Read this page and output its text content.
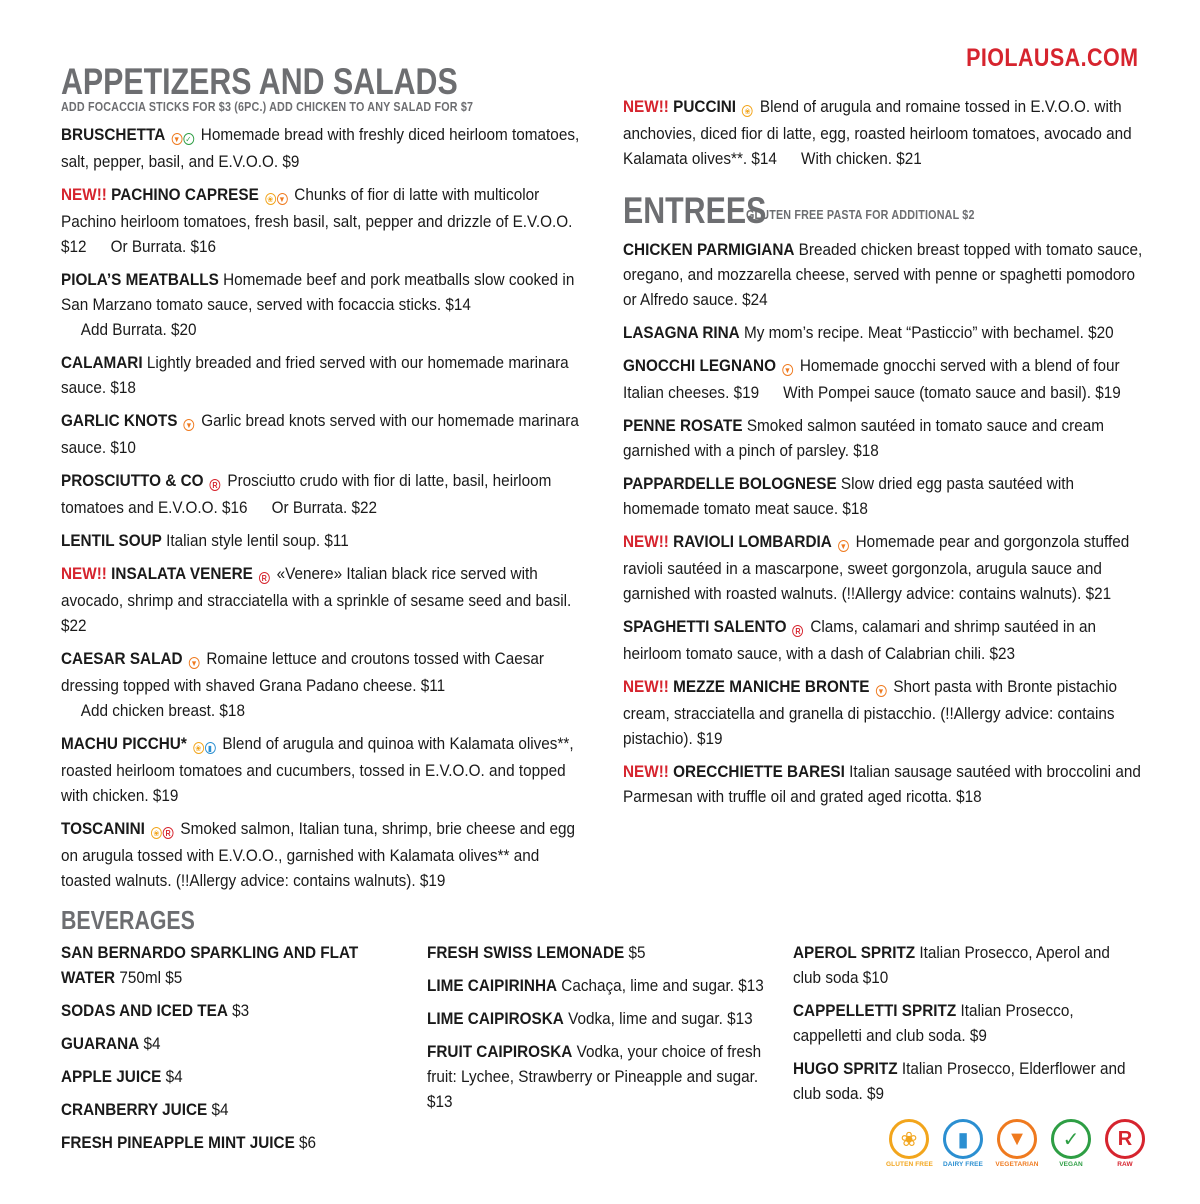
PIOLAUSA.COM
APPETIZERS AND SALADS
ADD FOCACCIA STICKS FOR $3 (6PC.) ADD CHICKEN TO ANY SALAD FOR $7
BRUSCHETTA ▼ ✓ Homemade bread with freshly diced heirloom tomatoes, salt, pepper, basil, and E.V.O.O. $9
NEW!! PACHINO CAPRESE ❀ ▼ Chunks of fior di latte with multicolor Pachino heirloom tomatoes, fresh basil, salt, pepper and drizzle of E.V.O.O. $12 Or Burrata. $16
PIOLA’S MEATBALLS Homemade beef and pork meatballs slow cooked in San Marzano tomato sauce, served with focaccia sticks. $14 Add Burrata. $20
CALAMARI Lightly breaded and fried served with our homemade marinara sauce. $18
GARLIC KNOTS ▼ Garlic bread knots served with our homemade marinara sauce. $10
PROSCIUTTO & CO R Prosciutto crudo with fior di latte, basil, heirloom tomatoes and E.V.O.O. $16 Or Burrata. $22
LENTIL SOUP Italian style lentil soup. $11
NEW!! INSALATA VENERE R «Venere» Italian black rice served with avocado, shrimp and stracciatella with a sprinkle of sesame seed and basil. $22
CAESAR SALAD ▼ Romaine lettuce and croutons tossed with Caesar dressing topped with shaved Grana Padano cheese. $11 Add chicken breast. $18
MACHU PICCHU* ❀ ▮ Blend of arugula and quinoa with Kalamata olives**, roasted heirloom tomatoes and cucumbers, tossed in E.V.O.O. and topped with chicken. $19
TOSCANINI ❀ R Smoked salmon, Italian tuna, shrimp, brie cheese and egg on arugula tossed with E.V.O.O., garnished with Kalamata olives** and toasted walnuts. (!!Allergy advice: contains walnuts). $19
NEW!! PUCCINI ❀ Blend of arugula and romaine tossed in E.V.O.O. with anchovies, diced fior di latte, egg, roasted heirloom tomatoes, avocado and Kalamata olives**. $14 With chicken. $21
ENTREES GLUTEN FREE PASTA FOR ADDITIONAL $2
CHICKEN PARMIGIANA Breaded chicken breast topped with tomato sauce, oregano, and mozzarella cheese, served with penne or spaghetti pomodoro or Alfredo sauce. $24
LASAGNA RINA My mom’s recipe. Meat “Pasticcio” with bechamel. $20
GNOCCHI LEGNANO ▼ Homemade gnocchi served with a blend of four Italian cheeses. $19 With Pompei sauce (tomato sauce and basil). $19
PENNE ROSATE Smoked salmon sautéed in tomato sauce and cream garnished with a pinch of parsley. $18
PAPPARDELLE BOLOGNESE Slow dried egg pasta sautéed with homemade tomato meat sauce. $18
NEW!! RAVIOLI LOMBARDIA ▼ Homemade pear and gorgonzola stuffed ravioli sautéed in a mascarpone, sweet gorgonzola, arugula sauce and garnished with roasted walnuts. (!!Allergy advice: contains walnuts). $21
SPAGHETTI SALENTO R Clams, calamari and shrimp sautéed in an heirloom tomato sauce, with a dash of Calabrian chili. $23
NEW!! MEZZE MANICHE BRONTE ▼ Short pasta with Bronte pistachio cream, stracciatella and granella di pistacchio. (!!Allergy advice: contains pistachio). $19
NEW!! ORECCHIETTE BARESI Italian sausage sautéed with broccolini and Parmesan with truffle oil and grated aged ricotta. $18
BEVERAGES
SAN BERNARDO SPARKLING AND FLAT WATER 750ml $5
SODAS AND ICED TEA $3
GUARANA $4
APPLE JUICE $4
CRANBERRY JUICE $4
FRESH PINEAPPLE MINT JUICE $6
FRESH SWISS LEMONADE $5
LIME CAIPIRINHA Cachaça, lime and sugar. $13
LIME CAIPIROSKA Vodka, lime and sugar. $13
FRUIT CAIPIROSKA Vodka, your choice of fresh fruit: Lychee, Strawberry or Pineapple and sugar. $13
APEROL SPRITZ Italian Prosecco, Aperol and club soda $10
CAPPELLETTI SPRITZ Italian Prosecco, cappelletti and club soda. $9
HUGO SPRITZ Italian Prosecco, Elderflower and club soda. $9
❀
GLUTEN FREE
▮
DAIRY FREE
▼
VEGETARIAN
✓
VEGAN
R
RAW
